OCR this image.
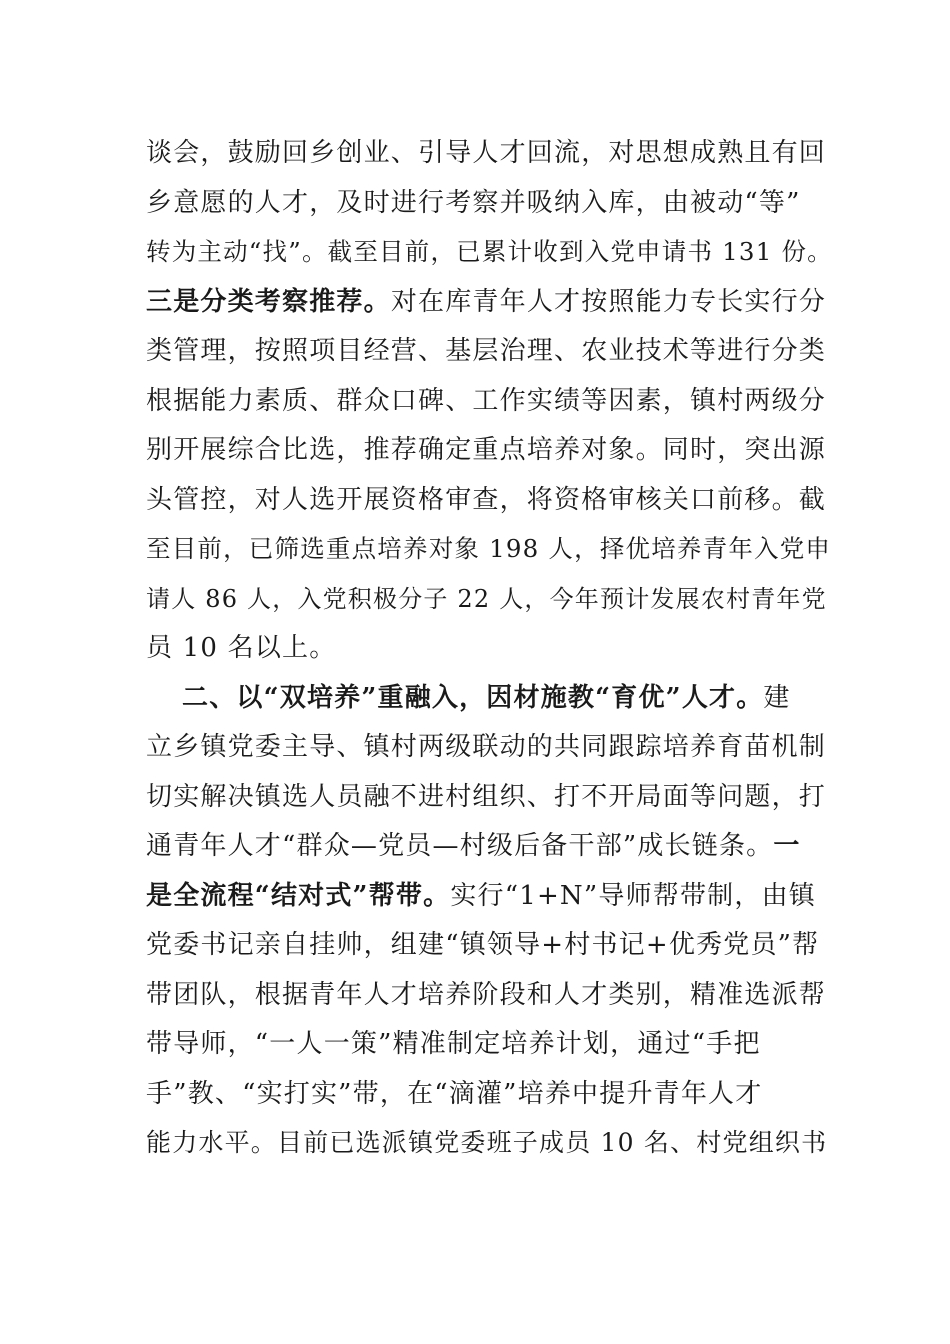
谈会，鼓励回乡创业、引导人才回流，对思想成熟且有回
乡意愿的人才，及时进行考察并吸纳入库，由被动“等”
转为主动“找”。截至目前，已累计收到入党申请书 131 份。
三是分类考察推荐。对在库青年人才按照能力专长实行分
类管理，按照项目经营、基层治理、农业技术等进行分类
根据能力素质、群众口碑、工作实绩等因素，镇村两级分
别开展综合比选，推荐确定重点培养对象。同时，突出源
头管控，对人选开展资格审查，将资格审核关口前移。截
至目前，已筛选重点培养对象 198 人，择优培养青年入党申
请人 86 人，入党积极分子 22 人，今年预计发展农村青年党
员 10 名以上。
二、以“双培养”重融入，因材施教“育优”人才。建
立乡镇党委主导、镇村两级联动的共同跟踪培养育苗机制
切实解决镇选人员融不进村组织、打不开局面等问题，打
通青年人才“群众—党员—村级后备干部”成长链条。一
是全流程“结对式”帮带。实行“1+N”导师帮带制，由镇
党委书记亲自挂帅，组建“镇领导+村书记+优秀党员”帮
带团队，根据青年人才培养阶段和人才类别，精准选派帮
带导师，“一人一策”精准制定培养计划，通过“手把
手”教、“实打实”带，在“滴灌”培养中提升青年人才
能力水平。目前已选派镇党委班子成员 10 名、村党组织书
